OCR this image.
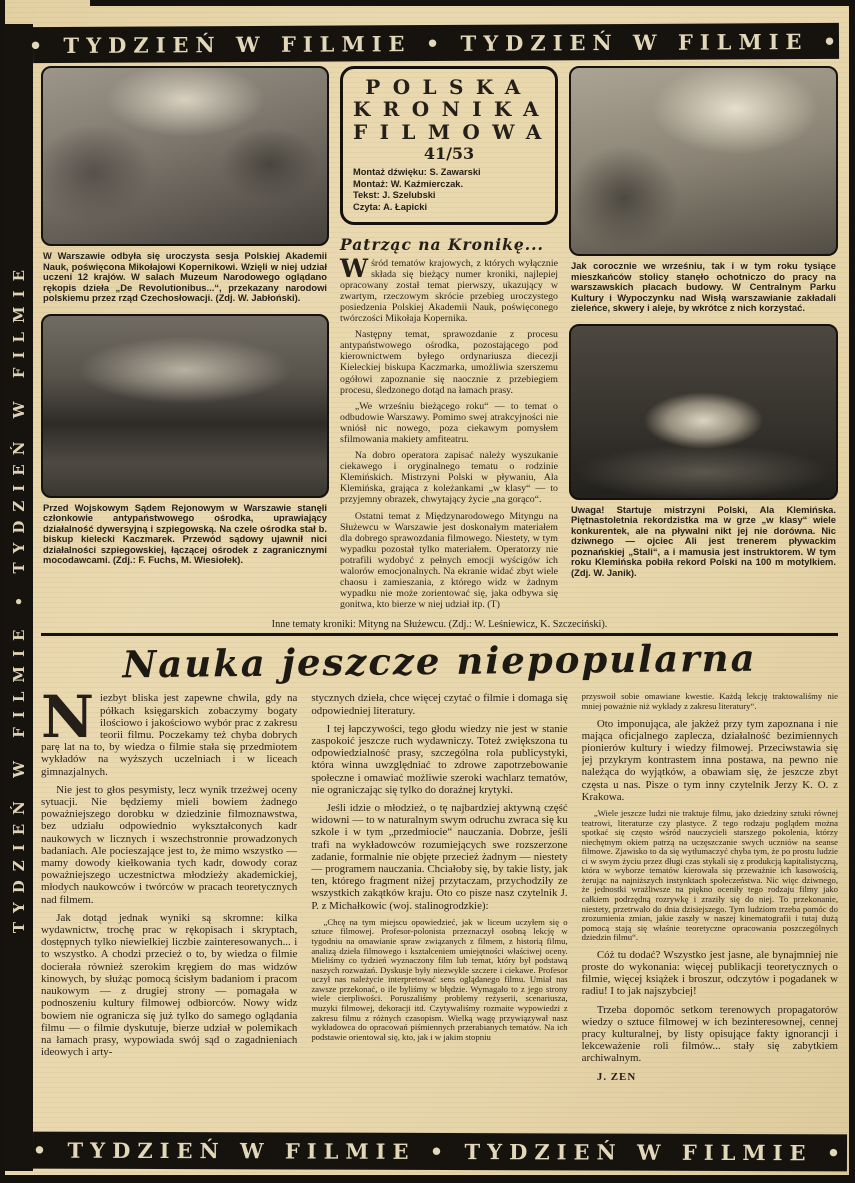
TYDZIEŃ W FILMIE • TYDZIEŃ W FILMIE
• TYDZIEŃ W FILMIE • TYDZIEŃ W FILMIE •

W Warszawie odbyła się uroczysta sesja Polskiej Akademii Nauk, poświęcona Mikołajowi Kopernikowi. Wzięli w niej udział uczeni 12 krajów. W salach Muzeum Narodowego oglądano rękopis dzieła „De Revolutionibus...“, przekazany narodowi polskiemu przez rząd Czechosłowacji. (Zdj. W. Jabłoński).

Przed Wojskowym Sądem Rejonowym w Warszawie stanęli członkowie antypaństwowego ośrodka, uprawiający działalność dywersyjną i szpiegowską. Na czele ośrodka stał b. biskup kielecki Kaczmarek. Przewód sądowy ujawnił nici działalności szpiegowskiej, łączącej ośrodek z zagranicznymi mocodawcami. (Zdj.: F. Fuchs, M. Wiesiołek).

POLSKA
KRONIKA
FILMOWA
41/53
Montaż dźwięku: S. Zawarski
Montaż: W. Kaźmierczak.
Tekst: J. Szelubski
Czyta: A. Łapicki
Patrząc na Kronikę...

Wśród tematów krajowych, z których wyłącznie składa się bieżący numer kroniki, najlepiej opracowany został temat pierwszy, ukazujący w zwartym, rzeczowym skrócie przebieg uroczystego posiedzenia Polskiej Akademii Nauk, poświęconego twórczości Mikołaja Kopernika.

Następny temat, sprawozdanie z procesu antypaństwowego ośrodka, pozostającego pod kierownictwem byłego ordynariusza diecezji Kieleckiej biskupa Kaczmarka, umożliwia szerszemu ogółowi zapoznanie się naocznie z przebiegiem procesu, śledzonego dotąd na łamach prasy.

„We wrześniu bieżącego roku“ — to temat o odbudowie Warszawy. Pomimo swej atrakcyjności nie wniósł nic nowego, poza ciekawym pomysłem sfilmowania makiety amfiteatru.

Na dobro operatora zapisać należy wyszukanie ciekawego i oryginalnego tematu o rodzinie Klemińskich. Mistrzyni Polski w pływaniu, Ala Klemińska, grająca z koleżankami „w klasy“ — to przyjemny obrazek, chwytający życie „na gorąco“.

Ostatni temat z Międzynarodowego Mityngu na Służewcu w Warszawie jest doskonałym materiałem dla dobrego sprawozdania filmowego. Niestety, w tym wypadku pozostał tylko materiałem. Operatorzy nie potrafili wydobyć z pełnych emocji wyścigów ich walorów emocjonalnych. Na ekranie widać zbyt wiele chaosu i zamieszania, z którego widz w żadnym wypadku nie może zorientować się, jaka odbywa się gonitwa, kto bierze w niej udział itp. (T)

Jak corocznie we wrześniu, tak i w tym roku tysiące mieszkańców stolicy stanęło ochotniczo do pracy na warszawskich placach budowy. W Centralnym Parku Kultury i Wypoczynku nad Wisłą warszawianie zakładali zieleńce, skwery i aleje, by wkrótce z nich korzystać.

Uwaga! Startuje mistrzyni Polski, Ala Klemińska. Piętnastoletnia rekordzistka ma w grze „w klasy“ wiele konkurentek, ale na pływalni nikt jej nie dorówna. Nic dziwnego — ojciec Ali jest trenerem pływackim poznańskiej „Stali“, a i mamusia jest instruktorem. W tym roku Klemińska pobiła rekord Polski na 100 m motylkiem. (Zdj. W. Janik).

Inne tematy kroniki: Mityng na Służewcu. (Zdj.: W. Leśniewicz, K. Szczeciński).

Nauka jeszcze niepopularna

Niezbyt bliska jest zapewne chwila, gdy na półkach księgarskich zobaczymy bogaty ilościowo i jakościowo wybór prac z zakresu teorii filmu. Poczekamy też chyba dobrych parę lat na to, by wiedza o filmie stała się przedmiotem wykładów na wyższych uczelniach i w liceach gimnazjalnych.

Nie jest to głos pesymisty, lecz wynik trzeźwej oceny sytuacji. Nie będziemy mieli bowiem żadnego poważniejszego dorobku w dziedzinie filmoznawstwa, bez udziału odpowiednio wykształconych kadr naukowych w licznych i wszechstronnie prowadzonych badaniach. Ale pocieszające jest to, że mimo wszystko — mamy dowody kiełkowania tych kadr, dowody coraz poważniejszego uczestnictwa młodzieży akademickiej, młodych naukowców i twórców w pracach teoretycznych nad filmem.

Jak dotąd jednak wyniki są skromne: kilka wydawnictw, trochę prac w rękopisach i skryptach, dostępnych tylko niewielkiej liczbie zainteresowanych... i to wszystko. A chodzi przecież o to, by wiedza o filmie docierała również szerokim kręgiem do mas widzów kinowych, by służąc pomocą ścisłym badaniom i pracom naukowym — z drugiej strony — pomagała w podnoszeniu kultury filmowej odbiorców. Nowy widz bowiem nie ogranicza się już tylko do samego oglądania filmu — o filmie dyskutuje, bierze udział w polemikach na łamach prasy, wypowiada swój sąd o zagadnieniach ideowych i arty-

stycznych dzieła, chce więcej czytać o filmie i domaga się odpowiedniej literatury.

I tej łapczywości, tego głodu wiedzy nie jest w stanie zaspokoić jeszcze ruch wydawniczy. Toteż zwiększona tu odpowiedzialność prasy, szczególna rola publicystyki, która winna uwzględniać to zdrowe zapotrzebowanie społeczne i omawiać możliwie szeroki wachlarz tematów, nie ograniczając się tylko do doraźnej krytyki.

Jeśli idzie o młodzież, o tę najbardziej aktywną część widowni — to w naturalnym swym odruchu zwraca się ku szkole i w tym „przedmiocie“ nauczania. Dobrze, jeśli trafi na wykładowców rozumiejących swe rozszerzone zadanie, formalnie nie objęte przecież żadnym — niestety — programem nauczania. Chciałoby się, by takie listy, jak ten, którego fragment niżej przytaczam, przychodziły ze wszystkich zakątków kraju. Oto co pisze nasz czytelnik J. P. z Michałkowic (woj. stalinogrodzkie):

„Chcę na tym miejscu opowiedzieć, jak w liceum uczyłem się o sztuce filmowej. Profesor-polonista przeznaczył osobną lekcję w tygodniu na omawianie spraw związanych z filmem, z historią filmu, analizą dzieła filmowego i kształceniem umiejętności właściwej oceny. Mieliśmy co tydzień wyznaczony film lub temat, który był podstawą naszych rozważań. Dyskusje były niezwykle szczere i ciekawe. Profesor uczył nas należycie interpretować sens oglądanego filmu. Umiał nas zawsze przekonać, o ile byliśmy w błędzie. Wymagało to z jego strony wiele cierpliwości. Poruszaliśmy problemy reżyserii, scenariusza, muzyki filmowej, dekoracji itd. Czytywaliśmy rozmaite wypowiedzi z zakresu filmu z różnych czasopism. Wielką wagę przywiązywał nasz wykładowca do opracowań piśmiennych przerabianych tematów. Na ich podstawie orientował się, kto, jak i w jakim stopniu

przyswoił sobie omawiane kwestie. Każdą lekcję traktowaliśmy nie mniej poważnie niż wykłady z zakresu literatury“.

Oto imponująca, ale jakżeż przy tym zapoznana i nie mająca oficjalnego zaplecza, działalność bezimiennych pionierów kultury i wiedzy filmowej. Przeciwstawia się jej przykrym kontrastem inna postawa, na pewno nie należąca do wyjątków, a obawiam się, że jeszcze zbyt częsta u nas. Pisze o tym inny czytelnik Jerzy K. O. z Krakowa.

„Wiele jeszcze ludzi nie traktuje filmu, jako dziedziny sztuki równej teatrowi, literaturze czy plastyce. Z tego rodzaju poglądem można spotkać się często wśród nauczycieli starszego pokolenia, którzy niechętnym okiem patrzą na uczęszczanie swych uczniów na seanse filmowe. Zjawisko to da się wytłumaczyć chyba tym, że po prostu ludzie ci w swym życiu przez długi czas stykali się z produkcją kapitalistyczną, która w wyborze tematów kierowała się przeważnie ich kasowością, żerując na najniższych instynktach społeczeństwa. Nic więc dziwnego, że jednostki wrażliwsze na piękno oceniły tego rodzaju filmy jako całkiem podrzędną rozrywkę i zraziły się do niej. To przekonanie, niestety, przetrwało do dnia dzisiejszego. Tym ludziom trzeba pomóc do zrozumienia zmian, jakie zaszły w naszej kinematografii i tutaj dużą pomocą stają się właśnie teoretyczne opracowania poszczególnych dziedzin filmu“.

Cóż tu dodać? Wszystko jest jasne, ale bynajmniej nie proste do wykonania: więcej publikacji teoretycznych o filmie, więcej książek i broszur, odczytów i pogadanek w radiu! I to jak najszybciej!

Trzeba dopomóc setkom terenowych propagatorów wiedzy o sztuce filmowej w ich bezinteresownej, cennej pracy kulturalnej, by listy opisujące fakty ignorancji i lekceważenie roli filmów... stały się zabytkiem archiwalnym.

J. ZEN

• TYDZIEŃ W FILMIE • TYDZIEŃ W FILMIE •
